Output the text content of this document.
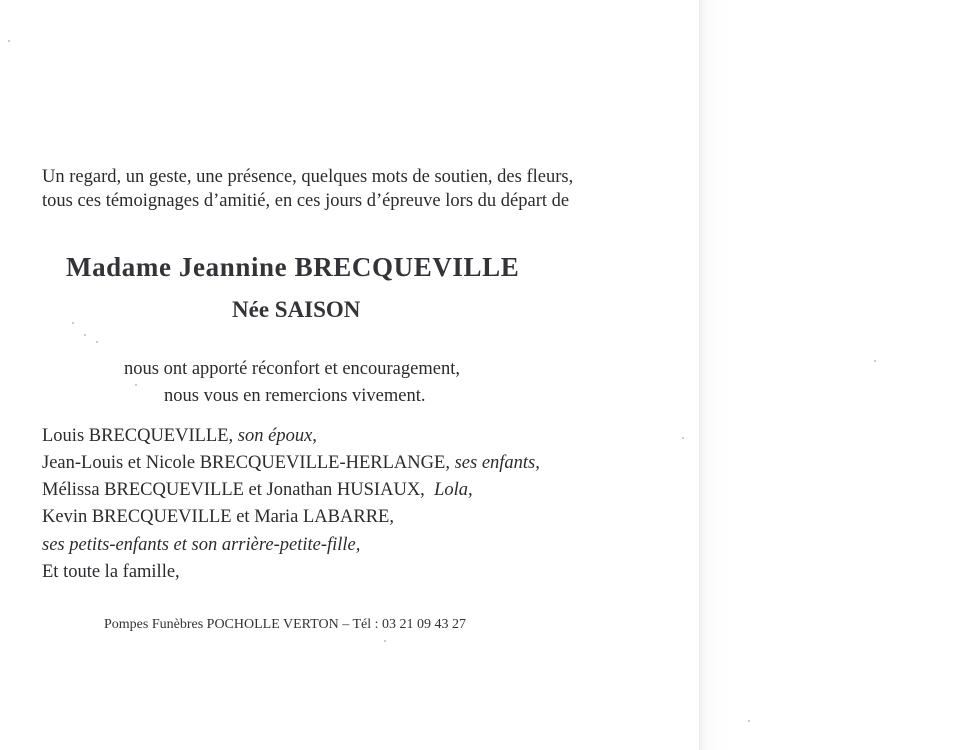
Un regard, un geste, une présence, quelques mots de soutien, des fleurs,
tous ces témoignages d’amitié, en ces jours d’épreuve lors du départ de
Madame Jeannine BRECQUEVILLE
Née SAISON
nous ont apporté réconfort et encouragement,
nous vous en remercions vivement.
Louis BRECQUEVILLE, son époux,
Jean-Louis et Nicole BRECQUEVILLE-HERLANGE, ses enfants,
Mélissa BRECQUEVILLE et Jonathan HUSIAUX,  Lola,
Kevin BRECQUEVILLE et Maria LABARRE,
ses petits-enfants et son arrière-petite-fille,
Et toute la famille,
Pompes Funèbres POCHOLLE VERTON – Tél : 03 21 09 43 27
